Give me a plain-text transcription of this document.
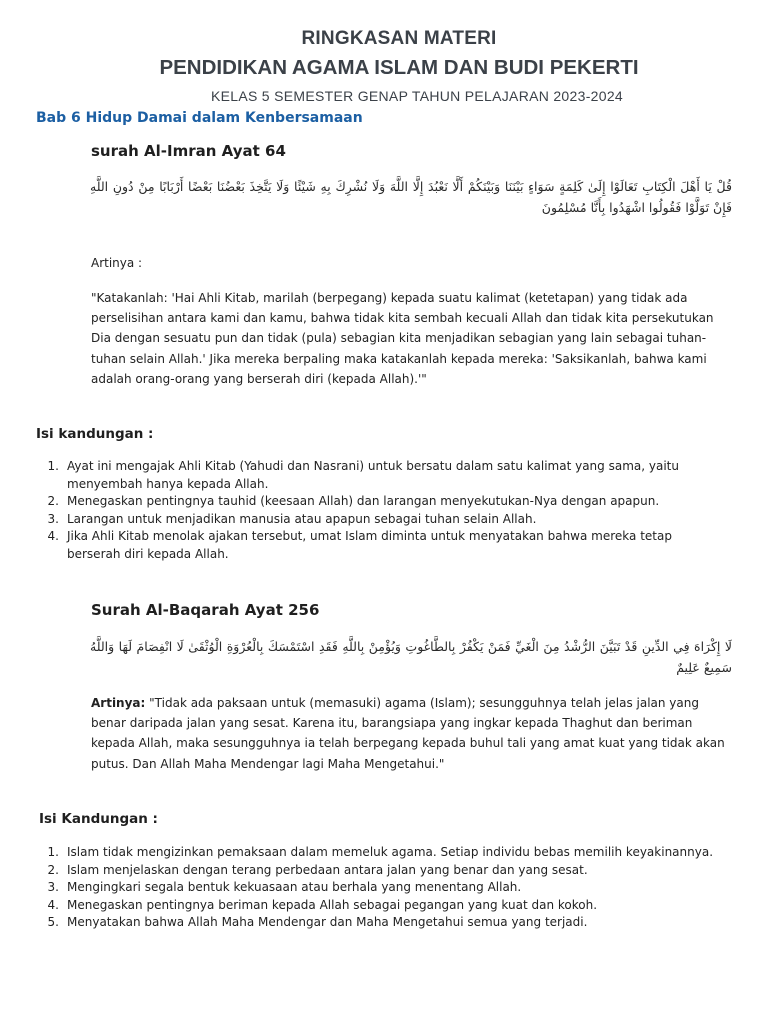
RINGKASAN MATERI
PENDIDIKAN AGAMA ISLAM DAN BUDI PEKERTI
KELAS 5 SEMESTER GENAP TAHUN PELAJARAN 2023-2024
Bab 6 Hidup Damai dalam Kenbersamaan
surah Al-Imran Ayat 64
قُلْ يَا أَهْلَ الْكِتَابِ تَعَالَوْا إِلَىٰ كَلِمَةٍ سَوَاءٍ بَيْنَنَا وَبَيْنَكُمْ أَلَّا نَعْبُدَ إِلَّا اللَّهَ وَلَا نُشْرِكَ بِهِ شَيْئًا وَلَا يَتَّخِذَ بَعْضُنَا بَعْضًا أَرْبَابًا مِنْ دُونِ اللَّهِ فَإِنْ تَوَلَّوْا فَقُولُوا اشْهَدُوا بِأَنَّا مُسْلِمُونَ
Artinya :
"Katakanlah: 'Hai Ahli Kitab, marilah (berpegang) kepada suatu kalimat (ketetapan) yang tidak ada perselisihan antara kami dan kamu, bahwa tidak kita sembah kecuali Allah dan tidak kita persekutukan Dia dengan sesuatu pun dan tidak (pula) sebagian kita menjadikan sebagian yang lain sebagai tuhan-tuhan selain Allah.' Jika mereka berpaling maka katakanlah kepada mereka: 'Saksikanlah, bahwa kami adalah orang-orang yang berserah diri (kepada Allah).'"
Isi kandungan :
1. Ayat ini mengajak Ahli Kitab (Yahudi dan Nasrani) untuk bersatu dalam satu kalimat yang sama, yaitu menyembah hanya kepada Allah.
2. Menegaskan pentingnya tauhid (keesaan Allah) dan larangan menyekutukan-Nya dengan apapun.
3. Larangan untuk menjadikan manusia atau apapun sebagai tuhan selain Allah.
4. Jika Ahli Kitab menolak ajakan tersebut, umat Islam diminta untuk menyatakan bahwa mereka tetap berserah diri kepada Allah.
Surah Al-Baqarah Ayat 256
لَا إِكْرَاهَ فِي الدِّينِ قَدْ تَبَيَّنَ الرُّشْدُ مِنَ الْغَيِّ فَمَنْ يَكْفُرْ بِالطَّاغُوتِ وَيُؤْمِنْ بِاللَّهِ فَقَدِ اسْتَمْسَكَ بِالْعُرْوَةِ الْوُثْقَىٰ لَا انْفِصَامَ لَهَا وَاللَّهُ سَمِيعٌ عَلِيمٌ
Artinya: "Tidak ada paksaan untuk (memasuki) agama (Islam); sesungguhnya telah jelas jalan yang benar daripada jalan yang sesat. Karena itu, barangsiapa yang ingkar kepada Thaghut dan beriman kepada Allah, maka sesungguhnya ia telah berpegang kepada buhul tali yang amat kuat yang tidak akan putus. Dan Allah Maha Mendengar lagi Maha Mengetahui."
Isi Kandungan :
1. Islam tidak mengizinkan pemaksaan dalam memeluk agama. Setiap individu bebas memilih keyakinannya.
2. Islam menjelaskan dengan terang perbedaan antara jalan yang benar dan yang sesat.
3. Mengingkari segala bentuk kekuasaan atau berhala yang menentang Allah.
4. Menegaskan pentingnya beriman kepada Allah sebagai pegangan yang kuat dan kokoh.
5. Menyatakan bahwa Allah Maha Mendengar dan Maha Mengetahui semua yang terjadi.
